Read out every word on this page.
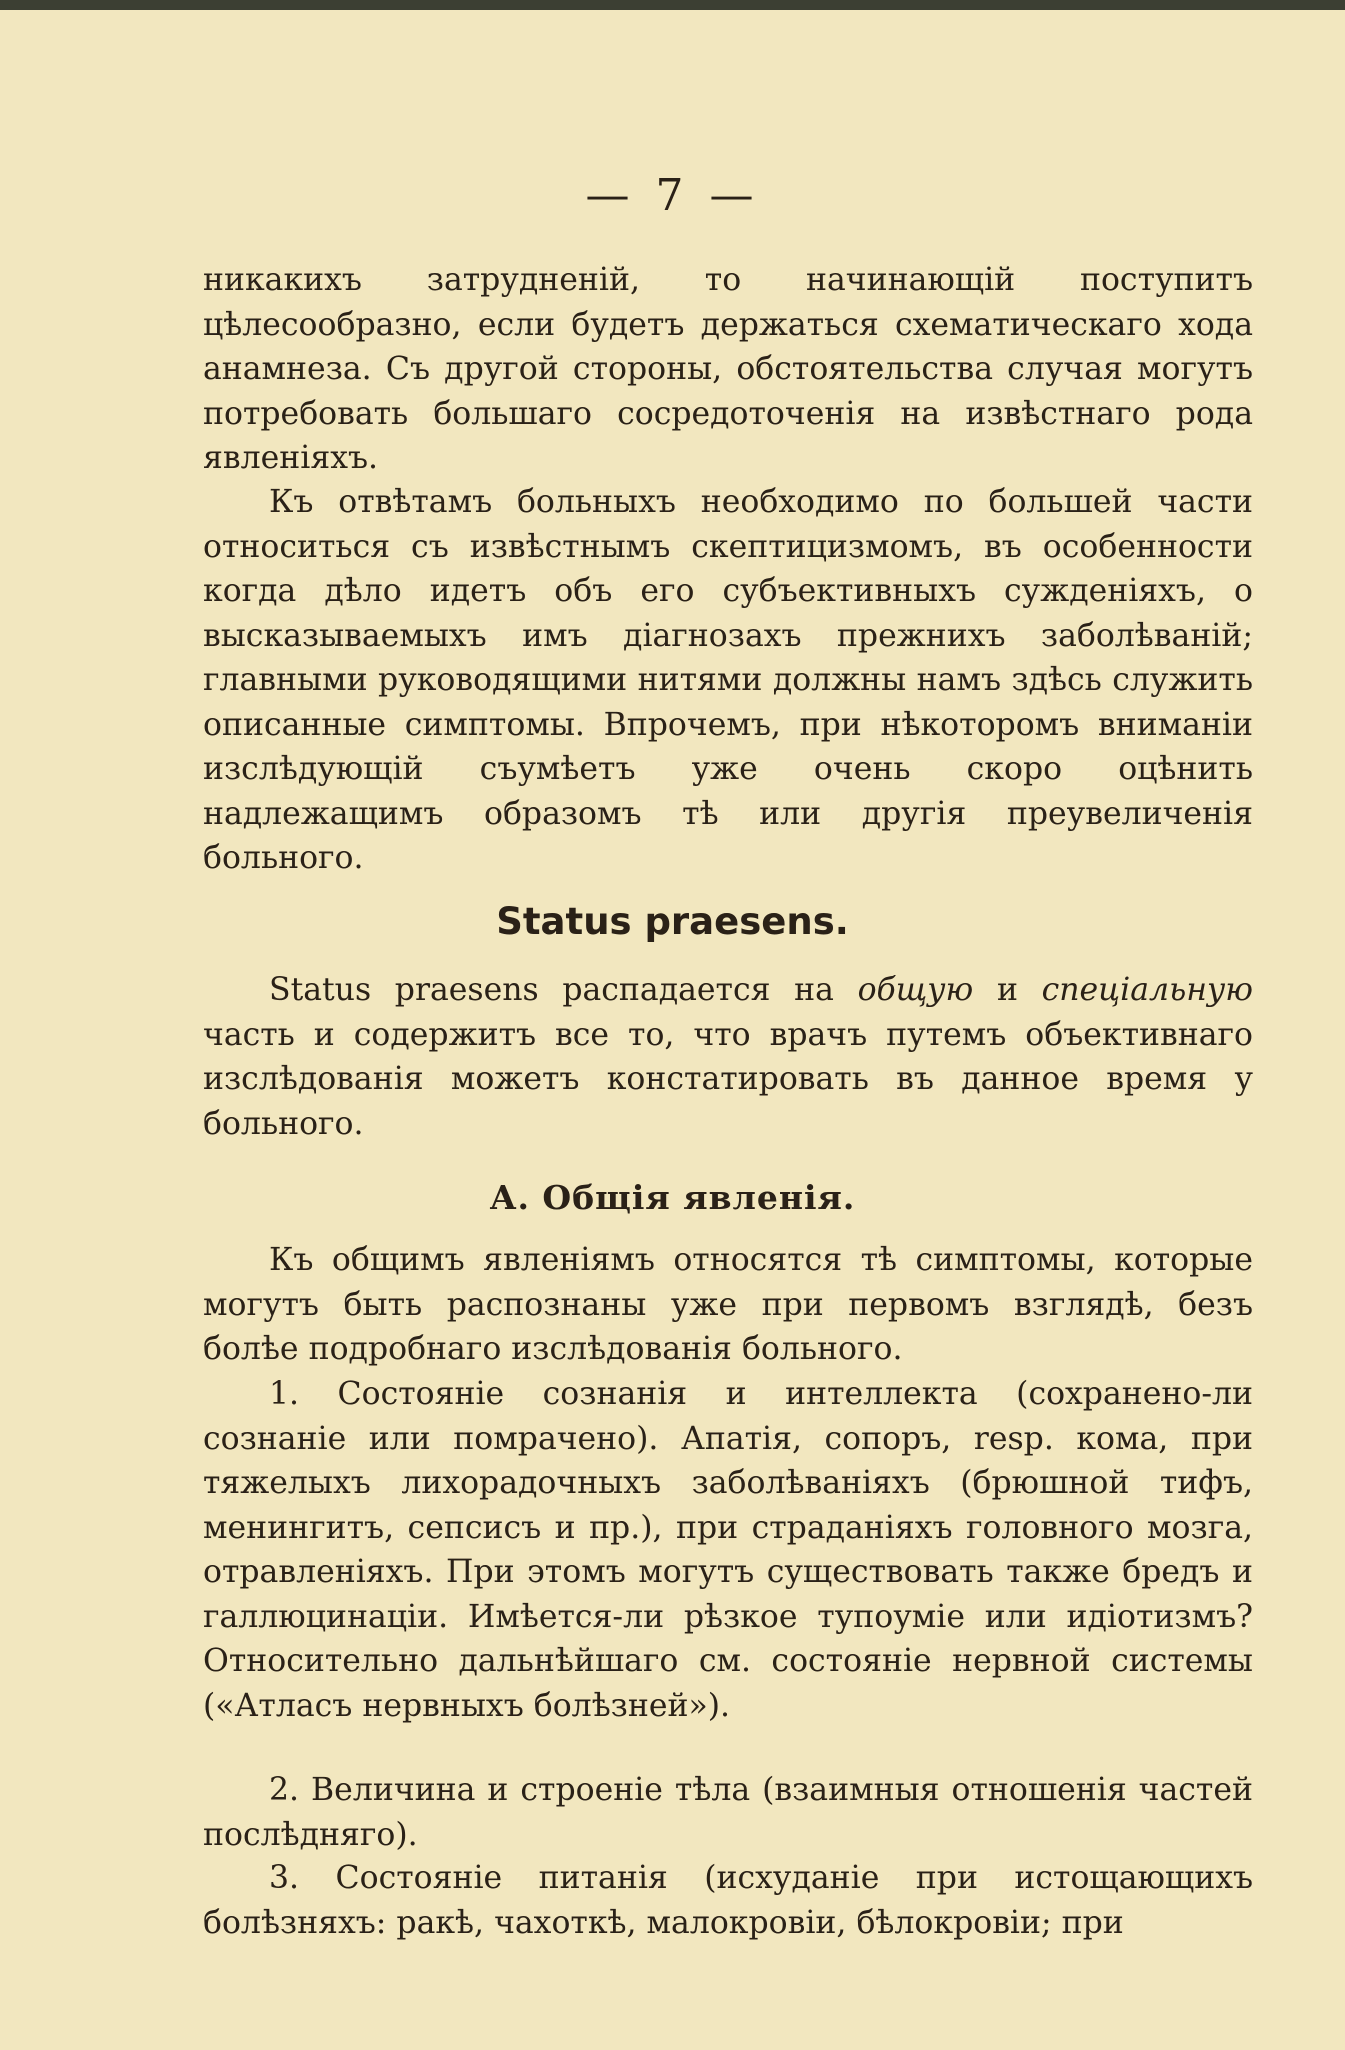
— 7 —

никакихъ затрудненій, то начинающій поступитъ цѣлесообразно, если будетъ держаться схематическаго хода анамнеза. Съ другой стороны, обстоятельства случая могутъ потребовать большаго сосредоточенія на извѣстнаго рода явленіяхъ.

Къ отвѣтамъ больныхъ необходимо по большей части относиться съ извѣстнымъ скептицизмомъ, въ особенности когда дѣло идетъ объ его субъективныхъ сужденіяхъ, о высказываемыхъ имъ діагнозахъ прежнихъ заболѣваній; главными руководящими нитями должны намъ здѣсь служить описанные симптомы. Впрочемъ, при нѣкоторомъ вниманіи изслѣдующій съумѣетъ уже очень скоро оцѣнить надлежащимъ образомъ тѣ или другія преувеличенія больного.

Status praesens.

Status praesens распадается на общую и спеціальную часть и содержитъ все то, что врачъ путемъ объективнаго изслѣдованія можетъ констатировать въ данное время у больного.

А. Общія явленія.

Къ общимъ явленіямъ относятся тѣ симптомы, которые могутъ быть распознаны уже при первомъ взглядѣ, безъ болѣе подробнаго изслѣдованія больного.

1. Состояніе сознанія и интеллекта (сохранено-ли сознаніе или помрачено). Апатія, сопоръ, resp. кома, при тяжелыхъ лихорадочныхъ заболѣваніяхъ (брюшной тифъ, менингитъ, сепсисъ и пр.), при страданіяхъ головного мозга, отравленіяхъ. При этомъ могутъ существовать также бредъ и галлюцинаціи. Имѣется-ли рѣзкое тупоуміе или идіотизмъ? Относительно дальнѣйшаго см. состояніе нервной системы («Атласъ нервныхъ болѣзней»).

2. Величина и строеніе тѣла (взаимныя отношенія частей послѣдняго).

3. Состояніе питанія (исхуданіе при истощающихъ болѣзняхъ: ракѣ, чахоткѣ, малокровіи, бѣлокровіи; при
